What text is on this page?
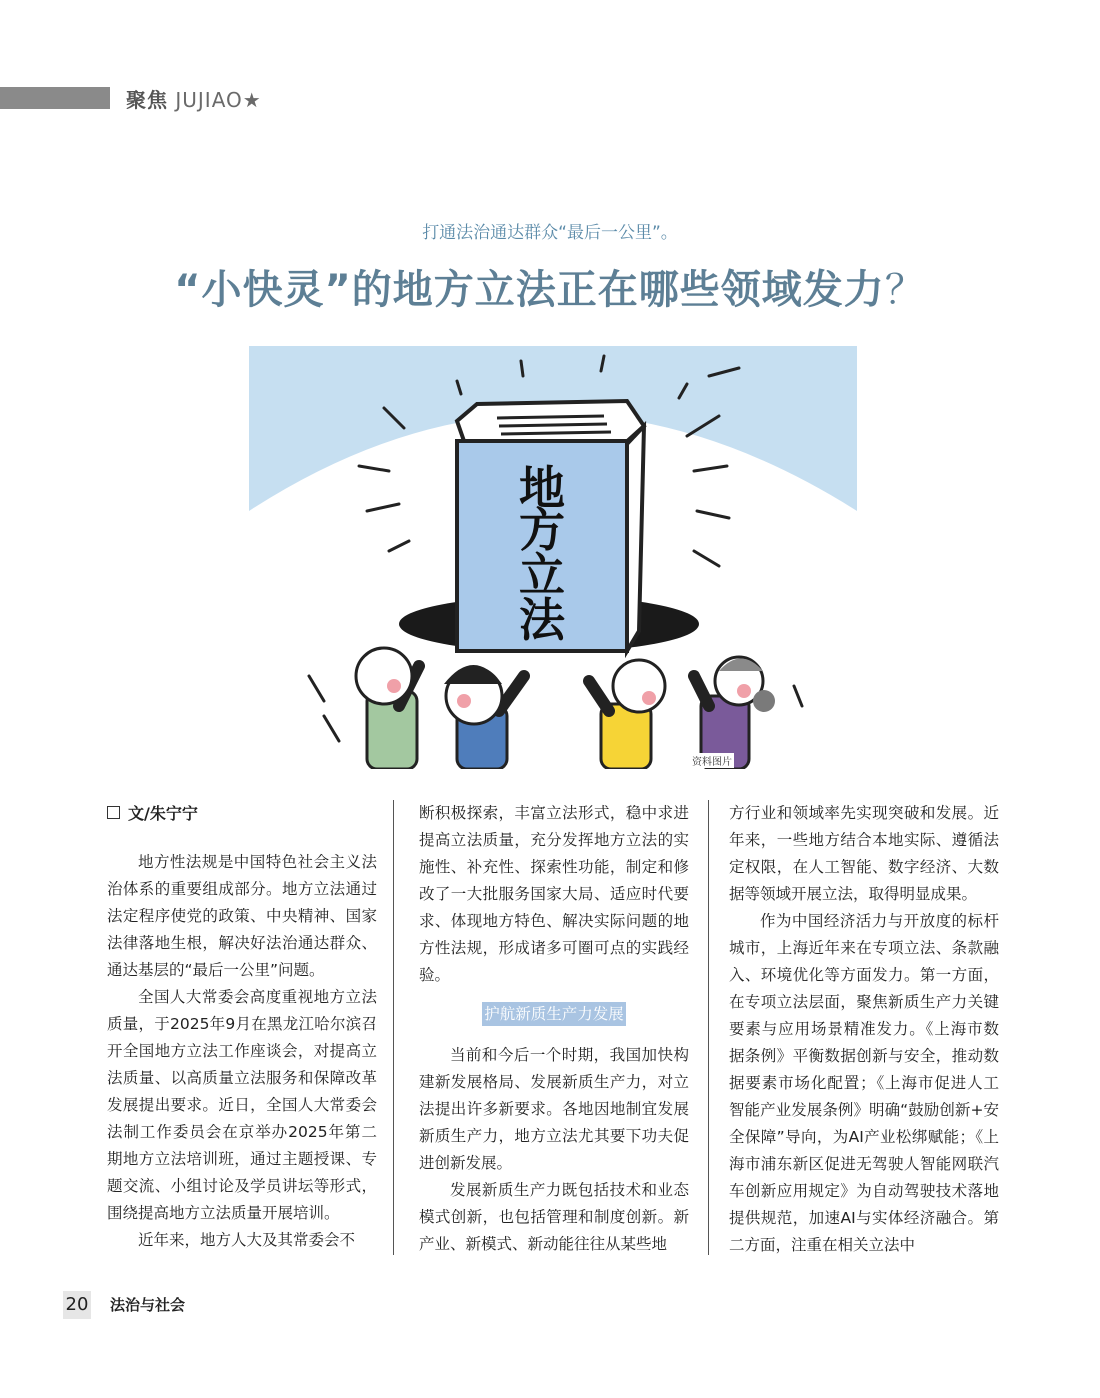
聚焦 JUJIAO★
打通法治通达群众“最后一公里”。
“小快灵”的地方立法正在哪些领域发力？
地
方
立
法
资料图片
文/朱宁宁

地方性法规是中国特色社会主义法治体系的重要组成部分。地方立法通过法定程序使党的政策、中央精神、国家法律落地生根，解决好法治通达群众、通达基层的“最后一公里”问题。

全国人大常委会高度重视地方立法质量，于2025年9月在黑龙江哈尔滨召开全国地方立法工作座谈会，对提高立法质量、以高质量立法服务和保障改革发展提出要求。近日，全国人大常委会法制工作委员会在京举办2025年第二期地方立法培训班，通过主题授课、专题交流、小组讨论及学员讲坛等形式，围绕提高地方立法质量开展培训。

近年来，地方人大及其常委会不

断积极探索，丰富立法形式，稳中求进提高立法质量，充分发挥地方立法的实施性、补充性、探索性功能，制定和修改了一大批服务国家大局、适应时代要求、体现地方特色、解决实际问题的地方性法规，形成诸多可圈可点的实践经验。

护航新质生产力发展

当前和今后一个时期，我国加快构建新发展格局、发展新质生产力，对立法提出许多新要求。各地因地制宜发展新质生产力，地方立法尤其要下功夫促进创新发展。

发展新质生产力既包括技术和业态模式创新，也包括管理和制度创新。新产业、新模式、新动能往往从某些地

方行业和领域率先实现突破和发展。近年来，一些地方结合本地实际、遵循法定权限，在人工智能、数字经济、大数据等领域开展立法，取得明显成果。

作为中国经济活力与开放度的标杆城市，上海近年来在专项立法、条款融入、环境优化等方面发力。第一方面，在专项立法层面，聚焦新质生产力关键要素与应用场景精准发力。《上海市数据条例》平衡数据创新与安全，推动数据要素市场化配置；《上海市促进人工智能产业发展条例》明确“鼓励创新+安全保障”导向，为AI产业松绑赋能；《上海市浦东新区促进无驾驶人智能网联汽车创新应用规定》为自动驾驶技术落地提供规范，加速AI与实体经济融合。第二方面，注重在相关立法中

20 法治与社会
